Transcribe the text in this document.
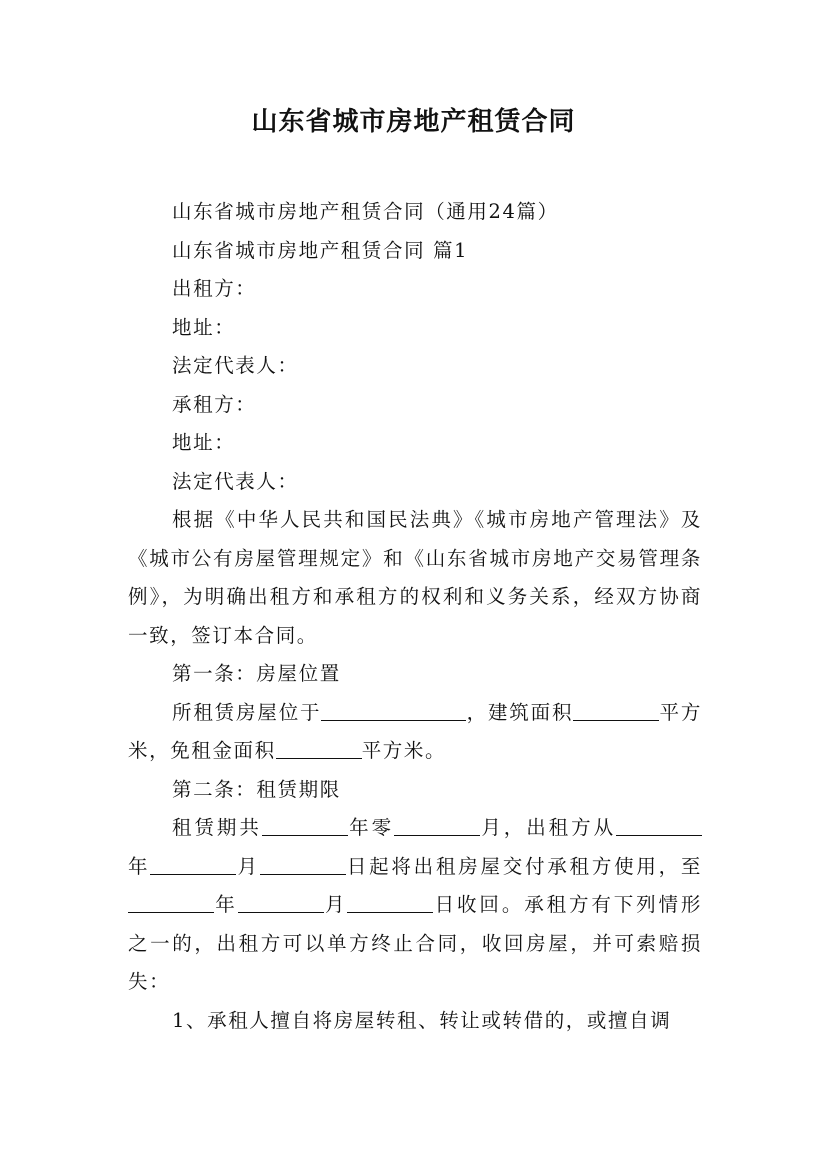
山东省城市房地产租赁合同

山东省城市房地产租赁合同（通用24篇）

山东省城市房地产租赁合同 篇1

出租方：

地址：

法定代表人：

承租方：

地址：

法定代表人：

根据《中华人民共和国民法典》《城市房地产管理法》及《城市公有房屋管理规定》和《山东省城市房地产交易管理条例》，为明确出租方和承租方的权利和义务关系，经双方协商一致，签订本合同。

第一条：房屋位置

所租赁房屋位于	，建筑面积	平方米，免租金面积	平方米。

第二条：租赁期限

租赁期共	年零	月，出租方从年	月	日起将出租房屋交付承租方使用，至年	月	日收回。承租方有下列情形之一的，出租方可以单方终止合同，收回房屋，并可索赔损失：

1、承租人擅自将房屋转租、转让或转借的，或擅自调
